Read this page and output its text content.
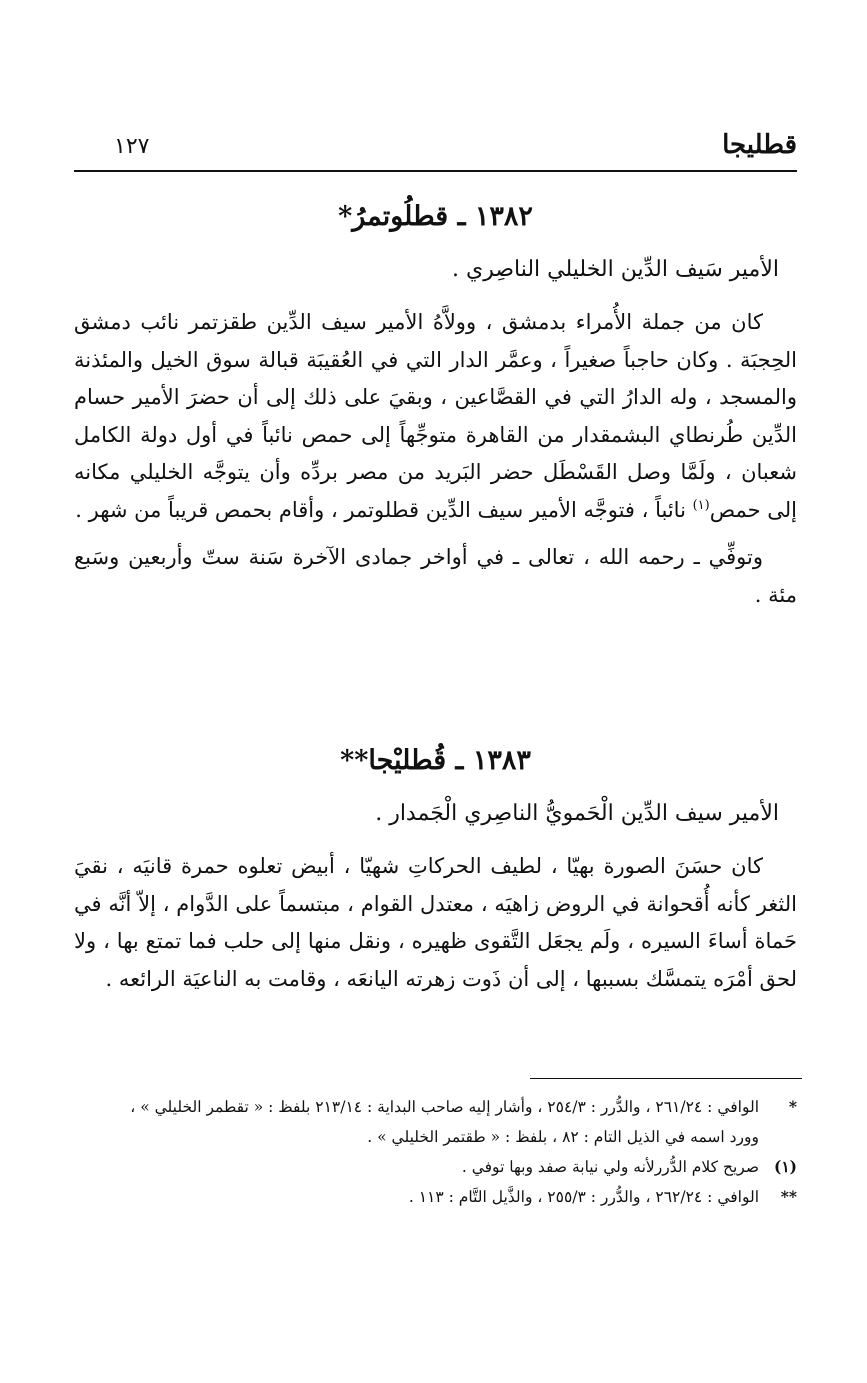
قطليجا
١٢٧
١٣٨٢ ـ قطلُوتمرُ*

الأمير سَيف الدِّين الخليلي الناصِري .

كان من جملة الأُمراء بدمشق ، وولاَّهُ الأمير سيف الدِّين طقزتمر نائب دمشق الحِجبَة . وكان حاجباً صغيراً ، وعمَّر الدار التي في العُقيبَة قبالة سوق الخيل والمئذنة والمسجد ، وله الدارُ التي في القصَّاعين ، وبقيَ على ذلك إلى أن حضرَ الأمير حسام الدِّين طُرنطاي البشمقدار من القاهرة متوجِّهاً إلى حمص نائباً في أول دولة الكامل شعبان ، ولَمَّا وصل القَسْطَل حضر البَريد من مصر بردِّه وأن يتوجَّه الخليلي مكانه إلى حمص$^{(١)}$ نائباً ، فتوجَّه الأمير سيف الدِّين قطلوتمر ، وأقام بحمص قريباً من شهر .

وتوفِّي ـ رحمه الله ، تعالى ـ في أواخر جمادى الآخرة سَنة ستّ وأربعين وسَبع مئة .

١٣٨٣ ـ قُطليْجا**

الأمير سيف الدِّين الْحَمويُّ الناصِري الْجَمدار .

كان حسَنَ الصورة بهيّا ، لطيف الحركاتِ شهيّا ، أبيض تعلوه حمرة قانيَه ، نقيَ الثغر كأنه أُقحوانة في الروض زاهيَه ، معتدل القوام ، مبتسماً على الدَّوام ، إلاّ أنَّه في حَماة أساءَ السيره ، ولَم يجعَل التَّقوى ظهيره ، ونقل منها إلى حلب فما تمتع بها ، ولا لحق أمْرَه يتمسَّك بسببها ، إلى أن ذَوت زهرته اليانعَه ، وقامت به الناعيَة الرائعه .

*
الوافي : ٢٦١/٢٤ ، والدُّرر : ٢٥٤/٣ ، وأشار إليه صاحب البداية : ٢١٣/١٤ بلفظ : « تقطمر الخليلي » ،

وورد اسمه في الذيل التام : ٨٢ ، بلفظ : « طقتمر الخليلي » .

(١)
صريح كلام الدُّررلأنه ولي نيابة صفد وبها توفي .

**
الوافي : ٢٦٢/٢٤ ، والدُّرر : ٢٥٥/٣ ، والذَّيل التَّام : ١١٣ .
